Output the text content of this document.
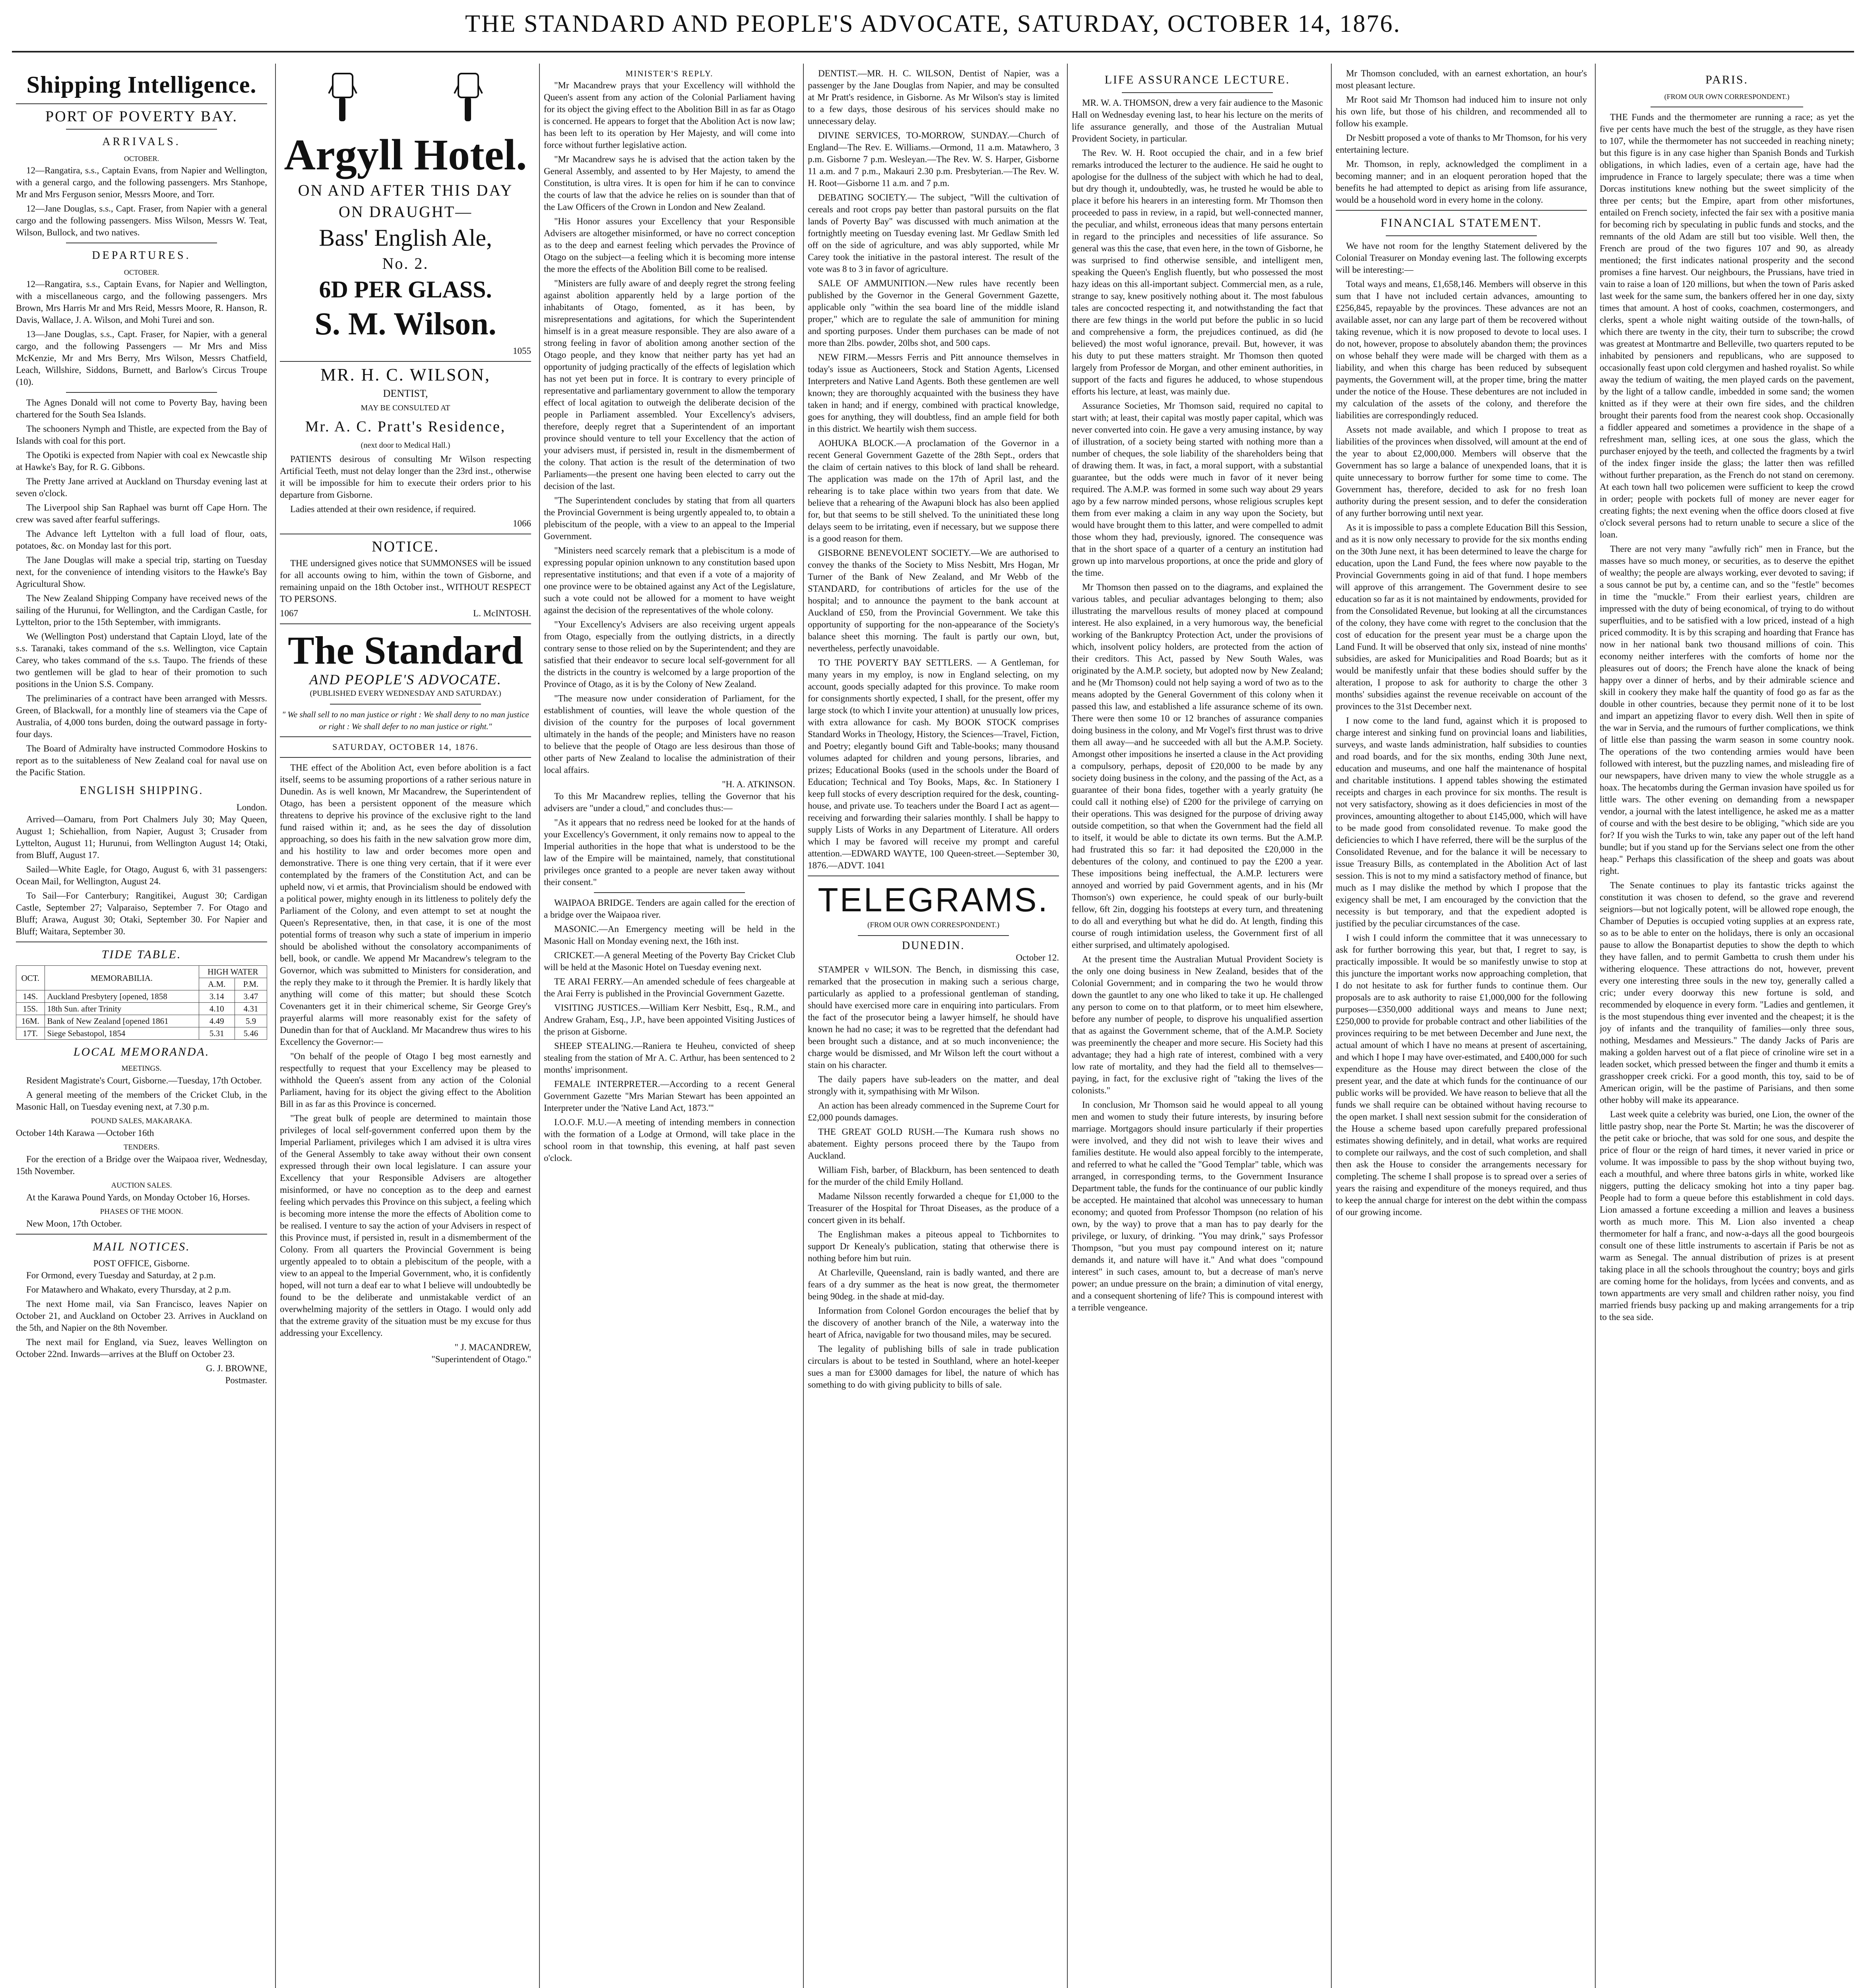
THE STANDARD AND PEOPLE'S ADVOCATE, SATURDAY, OCTOBER 14, 1876.
Shipping Intelligence.
PORT OF POVERTY BAY.
ARRIVALS.
OCTOBER.

12—Rangatira, s.s., Captain Evans, from Napier and Wellington, with a general cargo, and the following passengers. Mrs Stanhope, Mr and Mrs Ferguson senior, Messrs Moore, and Torr.

12—Jane Douglas, s.s., Capt. Fraser, from Napier with a general cargo and the following passengers. Miss Wilson, Messrs W. Teat, Wilson, Bullock, and two natives.

DEPARTURES.
OCTOBER.

12—Rangatira, s.s., Captain Evans, for Napier and Wellington, with a miscellaneous cargo, and the following passengers. Mrs Brown, Mrs Harris Mr and Mrs Reid, Messrs Moore, R. Hanson, R. Davis, Wallace, J. A. Wilson, and Mohi Turei and son.

13—Jane Douglas, s.s., Capt. Fraser, for Napier, with a general cargo, and the following Passengers — Mr Mrs and Miss McKenzie, Mr and Mrs Berry, Mrs Wilson, Messrs Chatfield, Leach, Willshire, Siddons, Burnett, and Barlow's Circus Troupe (10).

The Agnes Donald will not come to Poverty Bay, having been chartered for the South Sea Islands.

The schooners Nymph and Thistle, are expected from the Bay of Islands with coal for this port.

The Opotiki is expected from Napier with coal ex Newcastle ship at Hawke's Bay, for R. G. Gibbons.

The Pretty Jane arrived at Auckland on Thursday evening last at seven o'clock.

The Liverpool ship San Raphael was burnt off Cape Horn. The crew was saved after fearful sufferings.

The Advance left Lyttelton with a full load of flour, oats, potatoes, &c. on Monday last for this port.

The Jane Douglas will make a special trip, starting on Tuesday next, for the convenience of intending visitors to the Hawke's Bay Agricultural Show.

The New Zealand Shipping Company have received news of the sailing of the Hurunui, for Wellington, and the Cardigan Castle, for Lyttelton, prior to the 15th September, with immigrants.

We (Wellington Post) understand that Captain Lloyd, late of the s.s. Taranaki, takes command of the s.s. Wellington, vice Captain Carey, who takes command of the s.s. Taupo. The friends of these two gentlemen will be glad to hear of their promotion to such positions in the Union S.S. Company.

The preliminaries of a contract have been arranged with Messrs. Green, of Blackwall, for a monthly line of steamers via the Cape of Australia, of 4,000 tons burden, doing the outward passage in forty-four days.

The Board of Admiralty have instructed Commodore Hoskins to report as to the suitableness of New Zealand coal for naval use on the Pacific Station.

ENGLISH SHIPPING.
London.

Arrived—Oamaru, from Port Chalmers July 30; May Queen, August 1; Schiehallion, from Napier, August 3; Crusader from Lyttelton, August 11; Hurunui, from Wellington August 14; Otaki, from Bluff, August 17.

Sailed—White Eagle, for Otago, August 6, with 31 passengers: Ocean Mail, for Wellington, August 24.

To Sail—For Canterbury; Rangitikei, August 30; Cardigan Castle, September 27; Valparaiso, September 7. For Otago and Bluff; Arawa, August 30; Otaki, September 30. For Napier and Bluff; Waitara, September 30.

TIDE TABLE.
OCT.	MEMORABILIA.	HIGH WATER	
		A.M.	P.M.
14S.	Auckland Presbytery [opened, 1858	3.14	3.47
15S.	18th Sun. after Trinity	4.10	4.31
16M.	Bank of New Zealand [opened 1861	4.49	5.9
17T.	Siege Sebastopol, 1854	5.31	5.46
LOCAL MEMORANDA.
MEETINGS.

Resident Magistrate's Court, Gisborne.—Tuesday, 17th October.

A general meeting of the members of the Cricket Club, in the Masonic Hall, on Tuesday evening next, at 7.30 p.m.

POUND SALES, MAKARAKA.

October 14th Karawa —October 16th

TENDERS.

For the erection of a Bridge over the Waipaoa river, Wednesday, 15th November.

AUCTION SALES.

At the Karawa Pound Yards, on Monday October 16, Horses.

PHASES OF THE MOON.

New Moon, 17th October.

MAIL NOTICES.
POST OFFICE, Gisborne.

For Ormond, every Tuesday and Saturday, at 2 p.m.

For Matawhero and Whakato, every Thursday, at 2 p.m.

The next Home mail, via San Francisco, leaves Napier on October 21, and Auckland on October 23. Arrives in Auckland on the 5th, and Napier on the 8th November.

The next mail for England, via Suez, leaves Wellington on October 22nd. Inwards—arrives at the Bluff on October 23.

G. J. BROWNE,
Postmaster.
Argyll Hotel.
ON AND AFTER THIS DAY
ON DRAUGHT—
Bass' English Ale,
No. 2.
6D PER GLASS.
S. M. Wilson.
1055
MR. H. C. WILSON,
DENTIST,
MAY BE CONSULTED AT
Mr. A. C. Pratt's Residence,
(next door to Medical Hall.)

PATIENTS desirous of consulting Mr Wilson respecting Artificial Teeth, must not delay longer than the 23rd inst., otherwise it will be impossible for him to execute their orders prior to his departure from Gisborne.

Ladies attended at their own residence, if required.

1066
NOTICE.

THE undersigned gives notice that SUMMONSES will be issued for all accounts owing to him, within the town of Gisborne, and remaining unpaid on the 18th October inst., WITHOUT RESPECT TO PERSONS.

1067	L. McINTOSH.
The Standard
AND PEOPLE'S ADVOCATE.
(PUBLISHED EVERY WEDNESDAY AND SATURDAY.)

" We shall sell to no man justice or right : We shall deny to no man justice or right : We shall defer to no man justice or right."

SATURDAY, OCTOBER 14, 1876.

THE effect of the Abolition Act, even before abolition is a fact itself, seems to be assuming proportions of a rather serious nature in Dunedin. As is well known, Mr Macandrew, the Superintendent of Otago, has been a persistent opponent of the measure which threatens to deprive his province of the exclusive right to the land fund raised within it; and, as he sees the day of dissolution approaching, so does his faith in the new salvation grow more dim, and his hostility to law and order becomes more open and demonstrative. There is one thing very certain, that if it were ever contemplated by the framers of the Constitution Act, and can be upheld now, vi et armis, that Provincialism should be endowed with a political power, mighty enough in its littleness to politely defy the Parliament of the Colony, and even attempt to set at nought the Queen's Representative, then, in that case, it is one of the most potential forms of treason why such a state of imperium in imperio should be abolished without the consolatory accompaniments of bell, book, or candle. We append Mr Macandrew's telegram to the Governor, which was submitted to Ministers for consideration, and the reply they make to it through the Premier. It is hardly likely that anything will come of this matter; but should these Scotch Covenanters get it in their chimerical scheme, Sir George Grey's prayerful alarms will more reasonably exist for the safety of Dunedin than for that of Auckland. Mr Macandrew thus wires to his Excellency the Governor:—

"On behalf of the people of Otago I beg most earnestly and respectfully to request that your Excellency may be pleased to withhold the Queen's assent from any action of the Colonial Parliament, having for its object the giving effect to the Abolition Bill in as far as this Province is concerned.

"The great bulk of people are determined to maintain those privileges of local self-government conferred upon them by the Imperial Parliament, privileges which I am advised it is ultra vires of the General Assembly to take away without their own consent expressed through their own local legislature. I can assure your Excellency that your Responsible Advisers are altogether misinformed, or have no conception as to the deep and earnest feeling which pervades this Province on this subject, a feeling which is becoming more intense the more the effects of Abolition come to be realised. I venture to say the action of your Advisers in respect of this Province must, if persisted in, result in a dismemberment of the Colony. From all quarters the Provincial Government is being urgently appealed to to obtain a plebiscitum of the people, with a view to an appeal to the Imperial Government, who, it is confidently hoped, will not turn a deaf ear to what I believe will undoubtedly be found to be the deliberate and unmistakable verdict of an overwhelming majority of the settlers in Otago. I would only add that the extreme gravity of the situation must be my excuse for thus addressing your Excellency.

" J. MACANDREW,
"Superintendent of Otago."
MINISTER'S REPLY.

"Mr Macandrew prays that your Excellency will withhold the Queen's assent from any action of the Colonial Parliament having for its object the giving effect to the Abolition Bill in as far as Otago is concerned. He appears to forget that the Abolition Act is now law; has been left to its operation by Her Majesty, and will come into force without further legislative action.

"Mr Macandrew says he is advised that the action taken by the General Assembly, and assented to by Her Majesty, to amend the Constitution, is ultra vires. It is open for him if he can to convince the courts of law that the advice he relies on is sounder than that of the Law Officers of the Crown in London and New Zealand.

"His Honor assures your Excellency that your Responsible Advisers are altogether misinformed, or have no correct conception as to the deep and earnest feeling which pervades the Province of Otago on the subject—a feeling which it is becoming more intense the more the effects of the Abolition Bill come to be realised.

"Ministers are fully aware of and deeply regret the strong feeling against abolition apparently held by a large portion of the inhabitants of Otago, fomented, as it has been, by misrepresentations and agitations, for which the Superintendent himself is in a great measure responsible. They are also aware of a strong feeling in favor of abolition among another section of the Otago people, and they know that neither party has yet had an opportunity of judging practically of the effects of legislation which has not yet been put in force. It is contrary to every principle of representative and parliamentary government to allow the temporary effect of local agitation to outweigh the deliberate decision of the people in Parliament assembled. Your Excellency's advisers, therefore, deeply regret that a Superintendent of an important province should venture to tell your Excellency that the action of your advisers must, if persisted in, result in the dismemberment of the colony. That action is the result of the determination of two Parliaments—the present one having been elected to carry out the decision of the last.

"The Superintendent concludes by stating that from all quarters the Provincial Government is being urgently appealed to, to obtain a plebiscitum of the people, with a view to an appeal to the Imperial Government.

"Ministers need scarcely remark that a plebiscitum is a mode of expressing popular opinion unknown to any constitution based upon representative institutions; and that even if a vote of a majority of one province were to be obtained against any Act of the Legislature, such a vote could not be allowed for a moment to have weight against the decision of the representatives of the whole colony.

"Your Excellency's Advisers are also receiving urgent appeals from Otago, especially from the outlying districts, in a directly contrary sense to those relied on by the Superintendent; and they are satisfied that their endeavor to secure local self-government for all the districts in the country is welcomed by a large proportion of the Province of Otago, as it is by the Colony of New Zealand.

"The measure now under consideration of Parliament, for the establishment of counties, will leave the whole question of the division of the country for the purposes of local government ultimately in the hands of the people; and Ministers have no reason to believe that the people of Otago are less desirous than those of other parts of New Zealand to localise the administration of their local affairs.

"H. A. ATKINSON.

To this Mr Macandrew replies, telling the Governor that his advisers are "under a cloud," and concludes thus:—

"As it appears that no redress need be looked for at the hands of your Excellency's Government, it only remains now to appeal to the Imperial authorities in the hope that what is understood to be the law of the Empire will be maintained, namely, that constitutional privileges once granted to a people are never taken away without their consent."

WAIPAOA BRIDGE. Tenders are again called for the erection of a bridge over the Waipaoa river.

MASONIC.—An Emergency meeting will be held in the Masonic Hall on Monday evening next, the 16th inst.

CRICKET.—A general Meeting of the Poverty Bay Cricket Club will be held at the Masonic Hotel on Tuesday evening next.

TE ARAI FERRY.—An amended schedule of fees chargeable at the Arai Ferry is published in the Provincial Government Gazette.

VISITING JUSTICES.—William Kerr Nesbitt, Esq., R.M., and Andrew Graham, Esq., J.P., have been appointed Visiting Justices of the prison at Gisborne.

SHEEP STEALING.—Raniera te Heuheu, convicted of sheep stealing from the station of Mr A. C. Arthur, has been sentenced to 2 months' imprisonment.

FEMALE INTERPRETER.—According to a recent General Government Gazette "Mrs Marian Stewart has been appointed an Interpreter under the 'Native Land Act, 1873.'"

I.O.O.F. M.U.—A meeting of intending members in connection with the formation of a Lodge at Ormond, will take place in the school room in that township, this evening, at half past seven o'clock.

DENTIST.—MR. H. C. WILSON, Dentist of Napier, was a passenger by the Jane Douglas from Napier, and may be consulted at Mr Pratt's residence, in Gisborne. As Mr Wilson's stay is limited to a few days, those desirous of his services should make no unnecessary delay.

DIVINE SERVICES, TO-MORROW, SUNDAY.—Church of England—The Rev. E. Williams.—Ormond, 11 a.m. Matawhero, 3 p.m. Gisborne 7 p.m. Wesleyan.—The Rev. W. S. Harper, Gisborne 11 a.m. and 7 p.m., Makauri 2.30 p.m. Presbyterian.—The Rev. W. H. Root—Gisborne 11 a.m. and 7 p.m.

DEBATING SOCIETY.— The subject, "Will the cultivation of cereals and root crops pay better than pastoral pursuits on the flat lands of Poverty Bay" was discussed with much animation at the fortnightly meeting on Tuesday evening last. Mr Gedlaw Smith led off on the side of agriculture, and was ably supported, while Mr Carey took the initiative in the pastoral interest. The result of the vote was 8 to 3 in favor of agriculture.

SALE OF AMMUNITION.—New rules have recently been published by the Governor in the General Government Gazette, applicable only "within the sea board line of the middle island proper," which are to regulate the sale of ammunition for mining and sporting purposes. Under them purchases can be made of not more than 2lbs. powder, 20lbs shot, and 500 caps.

NEW FIRM.—Messrs Ferris and Pitt announce themselves in today's issue as Auctioneers, Stock and Station Agents, Licensed Interpreters and Native Land Agents. Both these gentlemen are well known; they are thoroughly acquainted with the business they have taken in hand; and if energy, combined with practical knowledge, goes for anything, they will doubtless, find an ample field for both in this district. We heartily wish them success.

AOHUKA BLOCK.—A proclamation of the Governor in a recent General Government Gazette of the 28th Sept., orders that the claim of certain natives to this block of land shall be reheard. The application was made on the 17th of April last, and the rehearing is to take place within two years from that date. We believe that a rehearing of the Awapuni block has also been applied for, but that seems to be still shelved. To the uninitiated these long delays seem to be irritating, even if necessary, but we suppose there is a good reason for them.

GISBORNE BENEVOLENT SOCIETY.—We are authorised to convey the thanks of the Society to Miss Nesbitt, Mrs Hogan, Mr Turner of the Bank of New Zealand, and Mr Webb of the STANDARD, for contributions of articles for the use of the hospital; and to announce the payment to the bank account at Auckland of £50, from the Provincial Government. We take this opportunity of supporting for the non-appearance of the Society's balance sheet this morning. The fault is partly our own, but, nevertheless, perfectly unavoidable.

TO THE POVERTY BAY SETTLERS. — A Gentleman, for many years in my employ, is now in England selecting, on my account, goods specially adapted for this province. To make room for consignments shortly expected, I shall, for the present, offer my large stock (to which I invite your attention) at unusually low prices, with extra allowance for cash. My BOOK STOCK comprises Standard Works in Theology, History, the Sciences—Travel, Fiction, and Poetry; elegantly bound Gift and Table-books; many thousand volumes adapted for children and young persons, libraries, and prizes; Educational Books (used in the schools under the Board of Education; Technical and Toy Books, Maps, &c. In Stationery I keep full stocks of every description required for the desk, counting-house, and private use. To teachers under the Board I act as agent—receiving and forwarding their salaries monthly. I shall be happy to supply Lists of Works in any Department of Literature. All orders which I may be favored will receive my prompt and careful attention.—EDWARD WAYTE, 100 Queen-street.—September 30, 1876.—ADVT. 1041

TELEGRAMS.
(FROM OUR OWN CORRESPONDENT.)
DUNEDIN.
October 12.

STAMPER v WILSON. The Bench, in dismissing this case, remarked that the prosecution in making such a serious charge, particularly as applied to a professional gentleman of standing, should have exercised more care in enquiring into particulars. From the fact of the prosecutor being a lawyer himself, he should have known he had no case; it was to be regretted that the defendant had been brought such a distance, and at so much inconvenience; the charge would be dismissed, and Mr Wilson left the court without a stain on his character.

The daily papers have sub-leaders on the matter, and deal strongly with it, sympathising with Mr Wilson.

An action has been already commenced in the Supreme Court for £2,000 pounds damages.

THE GREAT GOLD RUSH.—The Kumara rush shows no abatement. Eighty persons proceed there by the Taupo from Auckland.

William Fish, barber, of Blackburn, has been sentenced to death for the murder of the child Emily Holland.

Madame Nilsson recently forwarded a cheque for £1,000 to the Treasurer of the Hospital for Throat Diseases, as the produce of a concert given in its behalf.

The Englishman makes a piteous appeal to Tichbornites to support Dr Kenealy's publication, stating that otherwise there is nothing before him but ruin.

At Charleville, Queensland, rain is badly wanted, and there are fears of a dry summer as the heat is now great, the thermometer being 90deg. in the shade at mid-day.

Information from Colonel Gordon encourages the belief that by the discovery of another branch of the Nile, a waterway into the heart of Africa, navigable for two thousand miles, may be secured.

The legality of publishing bills of sale in trade publication circulars is about to be tested in Southland, where an hotel-keeper sues a man for £3000 damages for libel, the nature of which has something to do with giving publicity to bills of sale.

LIFE ASSURANCE LECTURE.

MR. W. A. THOMSON, drew a very fair audience to the Masonic Hall on Wednesday evening last, to hear his lecture on the merits of life assurance generally, and those of the Australian Mutual Provident Society, in particular.

The Rev. W. H. Root occupied the chair, and in a few brief remarks introduced the lecturer to the audience. He said he ought to apologise for the dullness of the subject with which he had to deal, but dry though it, undoubtedly, was, he trusted he would be able to place it before his hearers in an interesting form. Mr Thomson then proceeded to pass in review, in a rapid, but well-connected manner, the peculiar, and whilst, erroneous ideas that many persons entertain in regard to the principles and necessities of life assurance. So general was this the case, that even here, in the town of Gisborne, he was surprised to find otherwise sensible, and intelligent men, speaking the Queen's English fluently, but who possessed the most hazy ideas on this all-important subject. Commercial men, as a rule, strange to say, knew positively nothing about it. The most fabulous tales are concocted respecting it, and notwithstanding the fact that there are few things in the world put before the public in so lucid and comprehensive a form, the prejudices continued, as did (he believed) the most woful ignorance, prevail. But, however, it was his duty to put these matters straight. Mr Thomson then quoted largely from Professor de Morgan, and other eminent authorities, in support of the facts and figures he adduced, to whose stupendous efforts his lecture, at least, was mainly due.

Assurance Societies, Mr Thomson said, required no capital to start with; at least, their capital was mostly paper capital, which was never converted into coin. He gave a very amusing instance, by way of illustration, of a society being started with nothing more than a number of cheques, the sole liability of the shareholders being that of drawing them. It was, in fact, a moral support, with a substantial guarantee, but the odds were much in favor of it never being required. The A.M.P. was formed in some such way about 29 years ago by a few narrow minded persons, whose religious scruples kept them from ever making a claim in any way upon the Society, but would have brought them to this latter, and were compelled to admit those whom they had, previously, ignored. The consequence was that in the short space of a quarter of a century an institution had grown up into marvelous proportions, at once the pride and glory of the time.

Mr Thomson then passed on to the diagrams, and explained the various tables, and peculiar advantages belonging to them; also illustrating the marvellous results of money placed at compound interest. He also explained, in a very humorous way, the beneficial working of the Bankruptcy Protection Act, under the provisions of which, insolvent policy holders, are protected from the action of their creditors. This Act, passed by New South Wales, was originated by the A.M.P. society, but adopted now by New Zealand; and he (Mr Thomson) could not help saying a word of two as to the means adopted by the General Government of this colony when it passed this law, and established a life assurance scheme of its own. There were then some 10 or 12 branches of assurance companies doing business in the colony, and Mr Vogel's first thrust was to drive them all away—and he succeeded with all but the A.M.P. Society. Amongst other impositions he inserted a clause in the Act providing a compulsory, perhaps, deposit of £20,000 to be made by any society doing business in the colony, and the passing of the Act, as a guarantee of their bona fides, together with a yearly gratuity (he could call it nothing else) of £200 for the privilege of carrying on their operations. This was designed for the purpose of driving away outside competition, so that when the Government had the field all to itself, it would be able to dictate its own terms. But the A.M.P. had frustrated this so far: it had deposited the £20,000 in the debentures of the colony, and continued to pay the £200 a year. These impositions being ineffectual, the A.M.P. lecturers were annoyed and worried by paid Government agents, and in his (Mr Thomson's) own experience, he could speak of our burly-built fellow, 6ft 2in, dogging his footsteps at every turn, and threatening to do all and everything but what he did do. At length, finding this course of rough intimidation useless, the Government first of all either surprised, and ultimately apologised.

At the present time the Australian Mutual Provident Society is the only one doing business in New Zealand, besides that of the Colonial Government; and in comparing the two he would throw down the gauntlet to any one who liked to take it up. He challenged any person to come on to that platform, or to meet him elsewhere, before any number of people, to disprove his unqualified assertion that as against the Government scheme, that of the A.M.P. Society was preeminently the cheaper and more secure. His Society had this advantage; they had a high rate of interest, combined with a very low rate of mortality, and they had the field all to themselves—paying, in fact, for the exclusive right of "taking the lives of the colonists."

In conclusion, Mr Thomson said he would appeal to all young men and women to study their future interests, by insuring before marriage. Mortgagors should insure particularly if their properties were involved, and they did not wish to leave their wives and families destitute. He would also appeal forcibly to the intemperate, and referred to what he called the "Good Templar" table, which was arranged, in corresponding terms, to the Government Insurance Department table, the funds for the continuance of our public kindly be accepted. He maintained that alcohol was unnecessary to human economy; and quoted from Professor Thompson (no relation of his own, by the way) to prove that a man has to pay dearly for the privilege, or luxury, of drinking. "You may drink," says Professor Thompson, "but you must pay compound interest on it; nature demands it, and nature will have it." And what does "compound interest" in such cases, amount to, but a decrease of man's nerve power; an undue pressure on the brain; a diminution of vital energy, and a consequent shortening of life? This is compound interest with a terrible vengeance.

Mr Thomson concluded, with an earnest exhortation, an hour's most pleasant lecture.

Mr Root said Mr Thomson had induced him to insure not only his own life, but those of his children, and recommended all to follow his example.

Dr Nesbitt proposed a vote of thanks to Mr Thomson, for his very entertaining lecture.

Mr. Thomson, in reply, acknowledged the compliment in a becoming manner; and in an eloquent peroration hoped that the benefits he had attempted to depict as arising from life assurance, would be a household word in every home in the colony.

FINANCIAL STATEMENT.

We have not room for the lengthy Statement delivered by the Colonial Treasurer on Monday evening last. The following excerpts will be interesting:—

Total ways and means, £1,658,146. Members will observe in this sum that I have not included certain advances, amounting to £256,845, repayable by the provinces. These advances are not an available asset, nor can any large part of them be recovered without taking revenue, which it is now proposed to devote to local uses. I do not, however, propose to absolutely abandon them; the provinces on whose behalf they were made will be charged with them as a liability, and when this charge has been reduced by subsequent payments, the Government will, at the proper time, bring the matter under the notice of the House. These debentures are not included in my calculation of the assets of the colony, and therefore the liabilities are correspondingly reduced.

Assets not made available, and which I propose to treat as liabilities of the provinces when dissolved, will amount at the end of the year to about £2,000,000. Members will observe that the Government has so large a balance of unexpended loans, that it is quite unnecessary to borrow further for some time to come. The Government has, therefore, decided to ask for no fresh loan authority during the present session, and to defer the consideration of any further borrowing until next year.

As it is impossible to pass a complete Education Bill this Session, and as it is now only necessary to provide for the six months ending on the 30th June next, it has been determined to leave the charge for education, upon the Land Fund, the fees where now payable to the Provincial Governments going in aid of that fund. I hope members will approve of this arrangement. The Government desire to see education so far as it is not maintained by endowments, provided for from the Consolidated Revenue, but looking at all the circumstances of the colony, they have come with regret to the conclusion that the cost of education for the present year must be a charge upon the Land Fund. It will be observed that only six, instead of nine months' subsidies, are asked for Municipalities and Road Boards; but as it would be manifestly unfair that these bodies should suffer by the alteration, I propose to ask for authority to charge the other 3 months' subsidies against the revenue receivable on account of the provinces to the 31st December next.

I now come to the land fund, against which it is proposed to charge interest and sinking fund on provincial loans and liabilities, surveys, and waste lands administration, half subsidies to counties and road boards, and for the six months, ending 30th June next, education and museums, and one half the maintenance of hospital and charitable institutions. I append tables showing the estimated receipts and charges in each province for six months. The result is not very satisfactory, showing as it does deficiencies in most of the provinces, amounting altogether to about £145,000, which will have to be made good from consolidated revenue. To make good the deficiencies to which I have referred, there will be the surplus of the Consolidated Revenue, and for the balance it will be necessary to issue Treasury Bills, as contemplated in the Abolition Act of last session. This is not to my mind a satisfactory method of finance, but much as I may dislike the method by which I propose that the exigency shall be met, I am encouraged by the conviction that the necessity is but temporary, and that the expedient adopted is justified by the peculiar circumstances of the case.

I wish I could inform the committee that it was unnecessary to ask for further borrowing this year, but that, I regret to say, is practically impossible. It would be so manifestly unwise to stop at this juncture the important works now approaching completion, that I do not hesitate to ask for further funds to continue them. Our proposals are to ask authority to raise £1,000,000 for the following purposes—£350,000 additional ways and means to June next; £250,000 to provide for probable contract and other liabilities of the provinces requiring to be met between December and June next, the actual amount of which I have no means at present of ascertaining, and which I hope I may have over-estimated, and £400,000 for such expenditure as the House may direct between the close of the present year, and the date at which funds for the continuance of our public works will be provided. We have reason to believe that all the funds we shall require can be obtained without having recourse to the open market. I shall next session submit for the consideration of the House a scheme based upon carefully prepared professional estimates showing definitely, and in detail, what works are required to complete our railways, and the cost of such completion, and shall then ask the House to consider the arrangements necessary for completing. The scheme I shall propose is to spread over a series of years the raising and expenditure of the moneys required, and thus to keep the annual charge for interest on the debt within the compass of our growing income.

PARIS.
(FROM OUR OWN CORRESPONDENT.)

THE Funds and the thermometer are running a race; as yet the five per cents have much the best of the struggle, as they have risen to 107, while the thermometer has not succeeded in reaching ninety; but this figure is in any case higher than Spanish Bonds and Turkish obligations, in which ladies, even of a certain age, have had the imprudence in France to largely speculate; there was a time when Dorcas institutions knew nothing but the sweet simplicity of the three per cents; but the Empire, apart from other misfortunes, entailed on French society, infected the fair sex with a positive mania for becoming rich by speculating in public funds and stocks, and the remnants of the old Adam are still but too visible. Well then, the French are proud of the two figures 107 and 90, as already mentioned; the first indicates national prosperity and the second promises a fine harvest. Our neighbours, the Prussians, have tried in vain to raise a loan of 120 millions, but when the town of Paris asked last week for the same sum, the bankers offered her in one day, sixty times that amount. A host of cooks, coachmen, costermongers, and clerks, spent a whole night waiting outside of the town-halls, of which there are twenty in the city, their turn to subscribe; the crowd was greatest at Montmartre and Belleville, two quarters reputed to be inhabited by pensioners and republicans, who are supposed to occasionally feast upon cold clergymen and hashed royalist. So while away the tedium of waiting, the men played cards on the pavement, by the light of a tallow candle, imbedded in some sand; the women knitted as if they were at their own fire sides, and the children brought their parents food from the nearest cook shop. Occasionally a fiddler appeared and sometimes a providence in the shape of a refreshment man, selling ices, at one sous the glass, which the purchaser enjoyed by the teeth, and collected the fragments by a twirl of the index finger inside the glass; the latter then was refilled without further preparation, as the French do not stand on ceremony. At each town hall two policemen were sufficient to keep the crowd in order; people with pockets full of money are never eager for creating fights; the next evening when the office doors closed at five o'clock several persons had to return unable to secure a slice of the loan.

There are not very many "awfully rich" men in France, but the masses have so much money, or securities, as to deserve the epithet of wealthy; the people are always working, ever devoted to saving; if a sous cannot be put by, a centime can, and so the "festle" becomes in time the "muckle." From their earliest years, children are impressed with the duty of being economical, of trying to do without superfluities, and to be satisfied with a low priced, instead of a high priced commodity. It is by this scraping and hoarding that France has now in her national bank two thousand millions of coin. This economy neither interferes with the comforts of home nor the pleasures out of doors; the French have alone the knack of being happy over a dinner of herbs, and by their admirable science and skill in cookery they make half the quantity of food go as far as the double in other countries, because they permit none of it to be lost and impart an appetizing flavor to every dish. Well then in spite of the war in Servia, and the rumours of further complications, we think of little else than passing the warm season in some country nook. The operations of the two contending armies would have been followed with interest, but the puzzling names, and misleading fire of our newspapers, have driven many to view the whole struggle as a hoax. The hecatombs during the German invasion have spoiled us for little wars. The other evening on demanding from a newspaper vendor, a journal with the latest intelligence, he asked me as a matter of course and with the best desire to be obliging, "which side are you for? If you wish the Turks to win, take any paper out of the left hand bundle; but if you stand up for the Servians select one from the other heap." Perhaps this classification of the sheep and goats was about right.

The Senate continues to play its fantastic tricks against the constitution it was chosen to defend, so the grave and reverend seigniors—but not logically potent, will be allowed rope enough, the Chamber of Deputies is occupied voting supplies at an express rate, so as to be able to enter on the holidays, there is only an occasional pause to allow the Bonapartist deputies to show the depth to which they have fallen, and to permit Gambetta to crush them under his withering eloquence. These attractions do not, however, prevent every one interesting three souls in the new toy, generally called a cric; under every doorway this new fortune is sold, and recommended by eloquence in every form. "Ladies and gentlemen, it is the most stupendous thing ever invented and the cheapest; it is the joy of infants and the tranquility of families—only three sous, nothing, Mesdames and Messieurs." The dandy Jacks of Paris are making a golden harvest out of a flat piece of crinoline wire set in a leaden socket, which pressed between the finger and thumb it emits a grasshopper creek cricki. For a good month, this toy, said to be of American origin, will be the pastime of Parisians, and then some other hobby will make its appearance.

Last week quite a celebrity was buried, one Lion, the owner of the little pastry shop, near the Porte St. Martin; he was the discoverer of the petit cake or brioche, that was sold for one sous, and despite the price of flour or the reign of hard times, it never varied in price or volume. It was impossible to pass by the shop without buying two, each a mouthful, and where three batons girls in white, worked like niggers, putting the delicacy smoking hot into a tiny paper bag. People had to form a queue before this establishment in cold days. Lion amassed a fortune exceeding a million and leaves a business worth as much more. This M. Lion also invented a cheap thermometer for half a franc, and now-a-days all the good bourgeois consult one of these little instruments to ascertain if Paris be not as warm as Senegal. The annual distribution of prizes is at present taking place in all the schools throughout the country; boys and girls are coming home for the holidays, from lycées and convents, and as town appartments are very small and children rather noisy, you find married friends busy packing up and making arrangements for a trip to the sea side.
